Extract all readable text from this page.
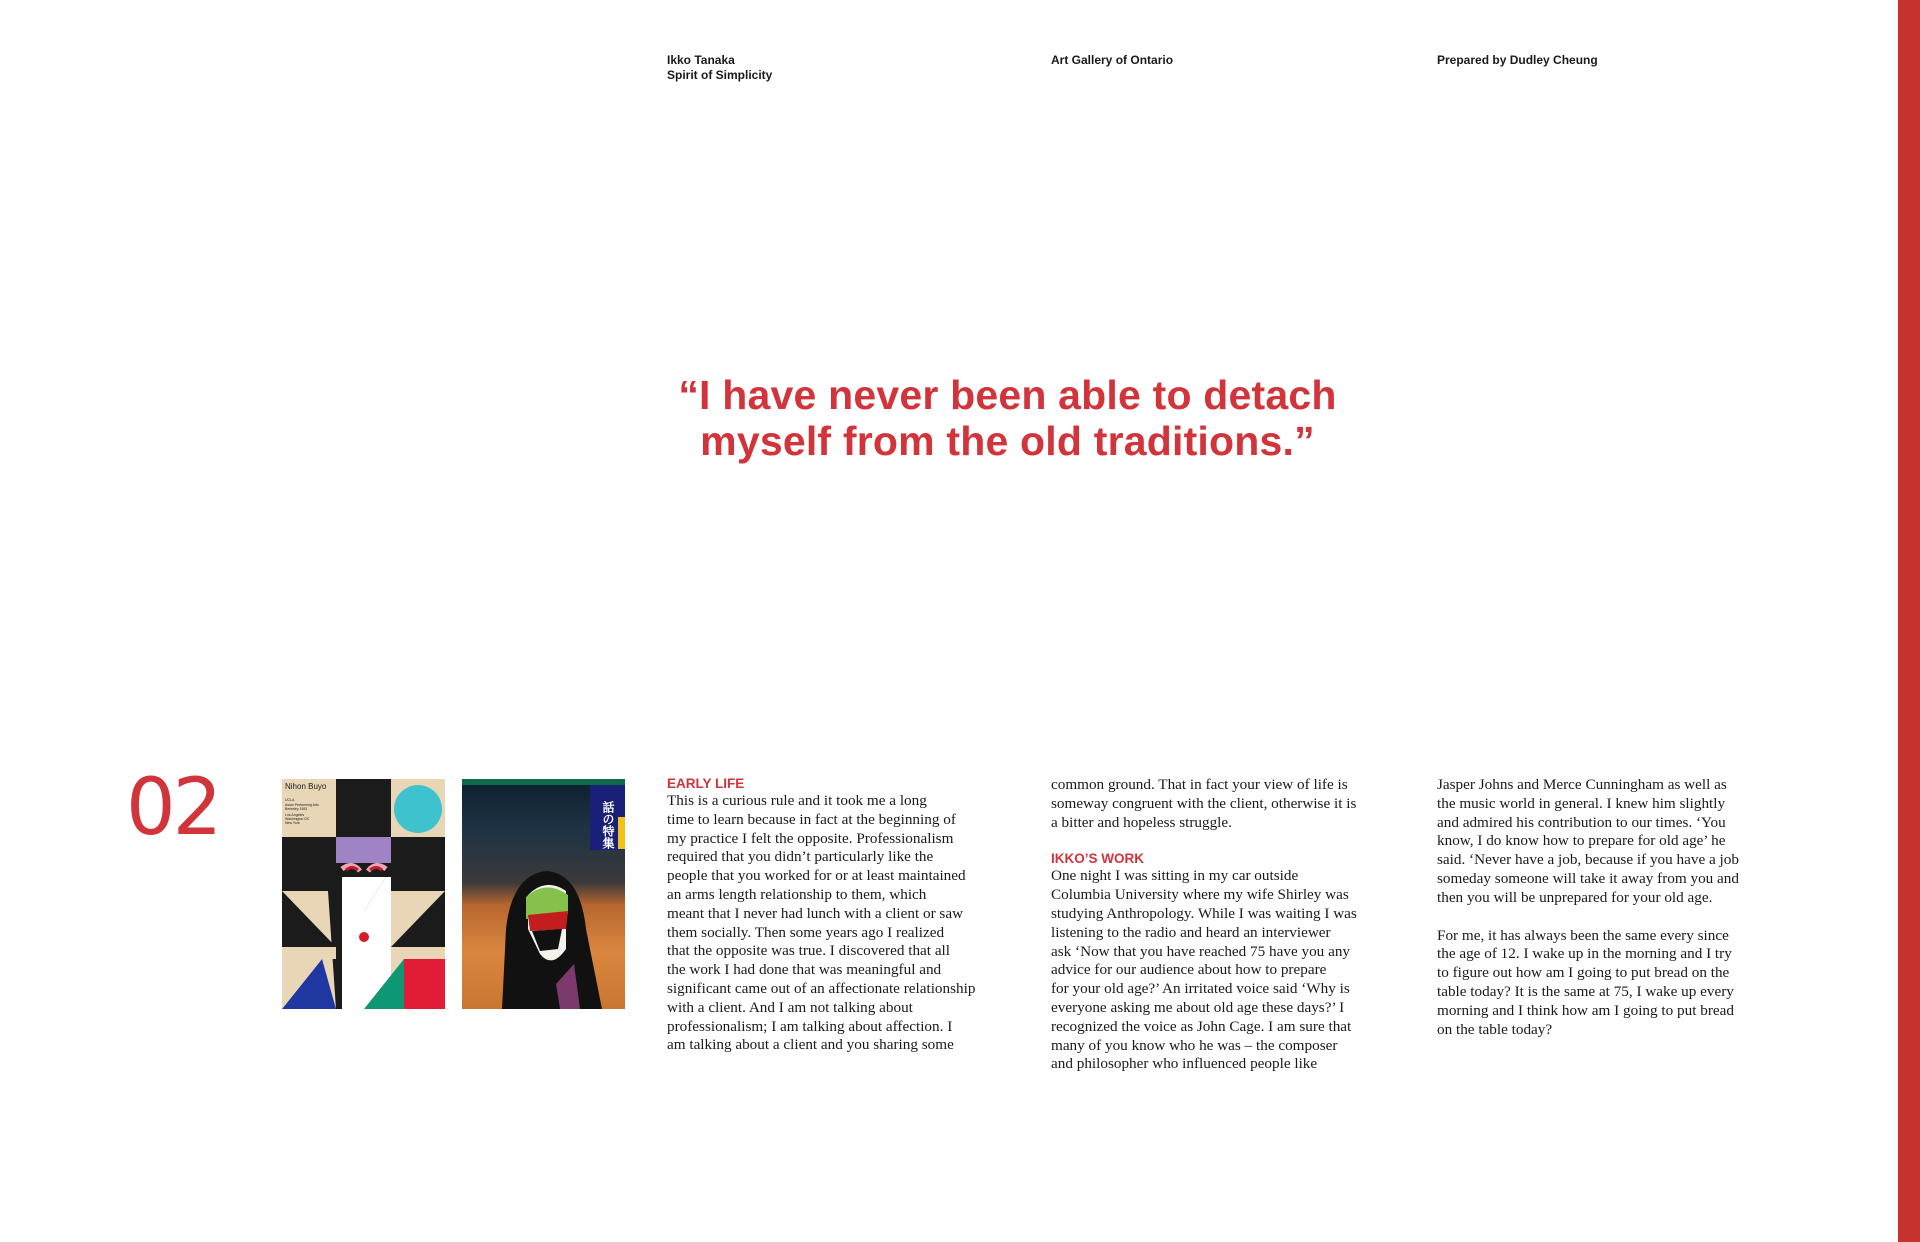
Ikko Tanaka
Spirit of Simplicity
Art Gallery of Ontario	Prepared by Dudley Cheung
“I have never been able to detach
myself from the old traditions.”
02	Nihon Buyo
UCLA
Asian Performing Arts
Berkeley 1981
Los Angeles
Washington DC
New York	話の特集
EARLY LIFE

This is a curious rule and it took me a long

time to learn because in fact at the beginning of

my practice I felt the opposite. Professionalism

required that you didn’t particularly like the

people that you worked for or at least maintained

an arms length relationship to them, which

meant that I never had lunch with a client or saw

them socially. Then some years ago I realized

that the opposite was true. I discovered that all

the work I had done that was meaningful and

significant came out of an affectionate relationship

with a client. And I am not talking about

professionalism; I am talking about affection. I

am talking about a client and you sharing some

common ground. That in fact your view of life is

someway congruent with the client, otherwise it is

a bitter and hopeless struggle.

IKKO’S WORK

One night I was sitting in my car outside

Columbia University where my wife Shirley was

studying Anthropology. While I was waiting I was

listening to the radio and heard an interviewer

ask ‘Now that you have reached 75 have you any

advice for our audience about how to prepare

for your old age?’ An irritated voice said ‘Why is

everyone asking me about old age these days?’ I

recognized the voice as John Cage. I am sure that

many of you know who he was – the composer

and philosopher who influenced people like

Jasper Johns and Merce Cunningham as well as

the music world in general. I knew him slightly

and admired his contribution to our times. ‘You

know, I do know how to prepare for old age’ he

said. ‘Never have a job, because if you have a job

someday someone will take it away from you and

then you will be unprepared for your old age.

For me, it has always been the same every since

the age of 12. I wake up in the morning and I try

to figure out how am I going to put bread on the

table today? It is the same at 75, I wake up every

morning and I think how am I going to put bread

on the table today?
